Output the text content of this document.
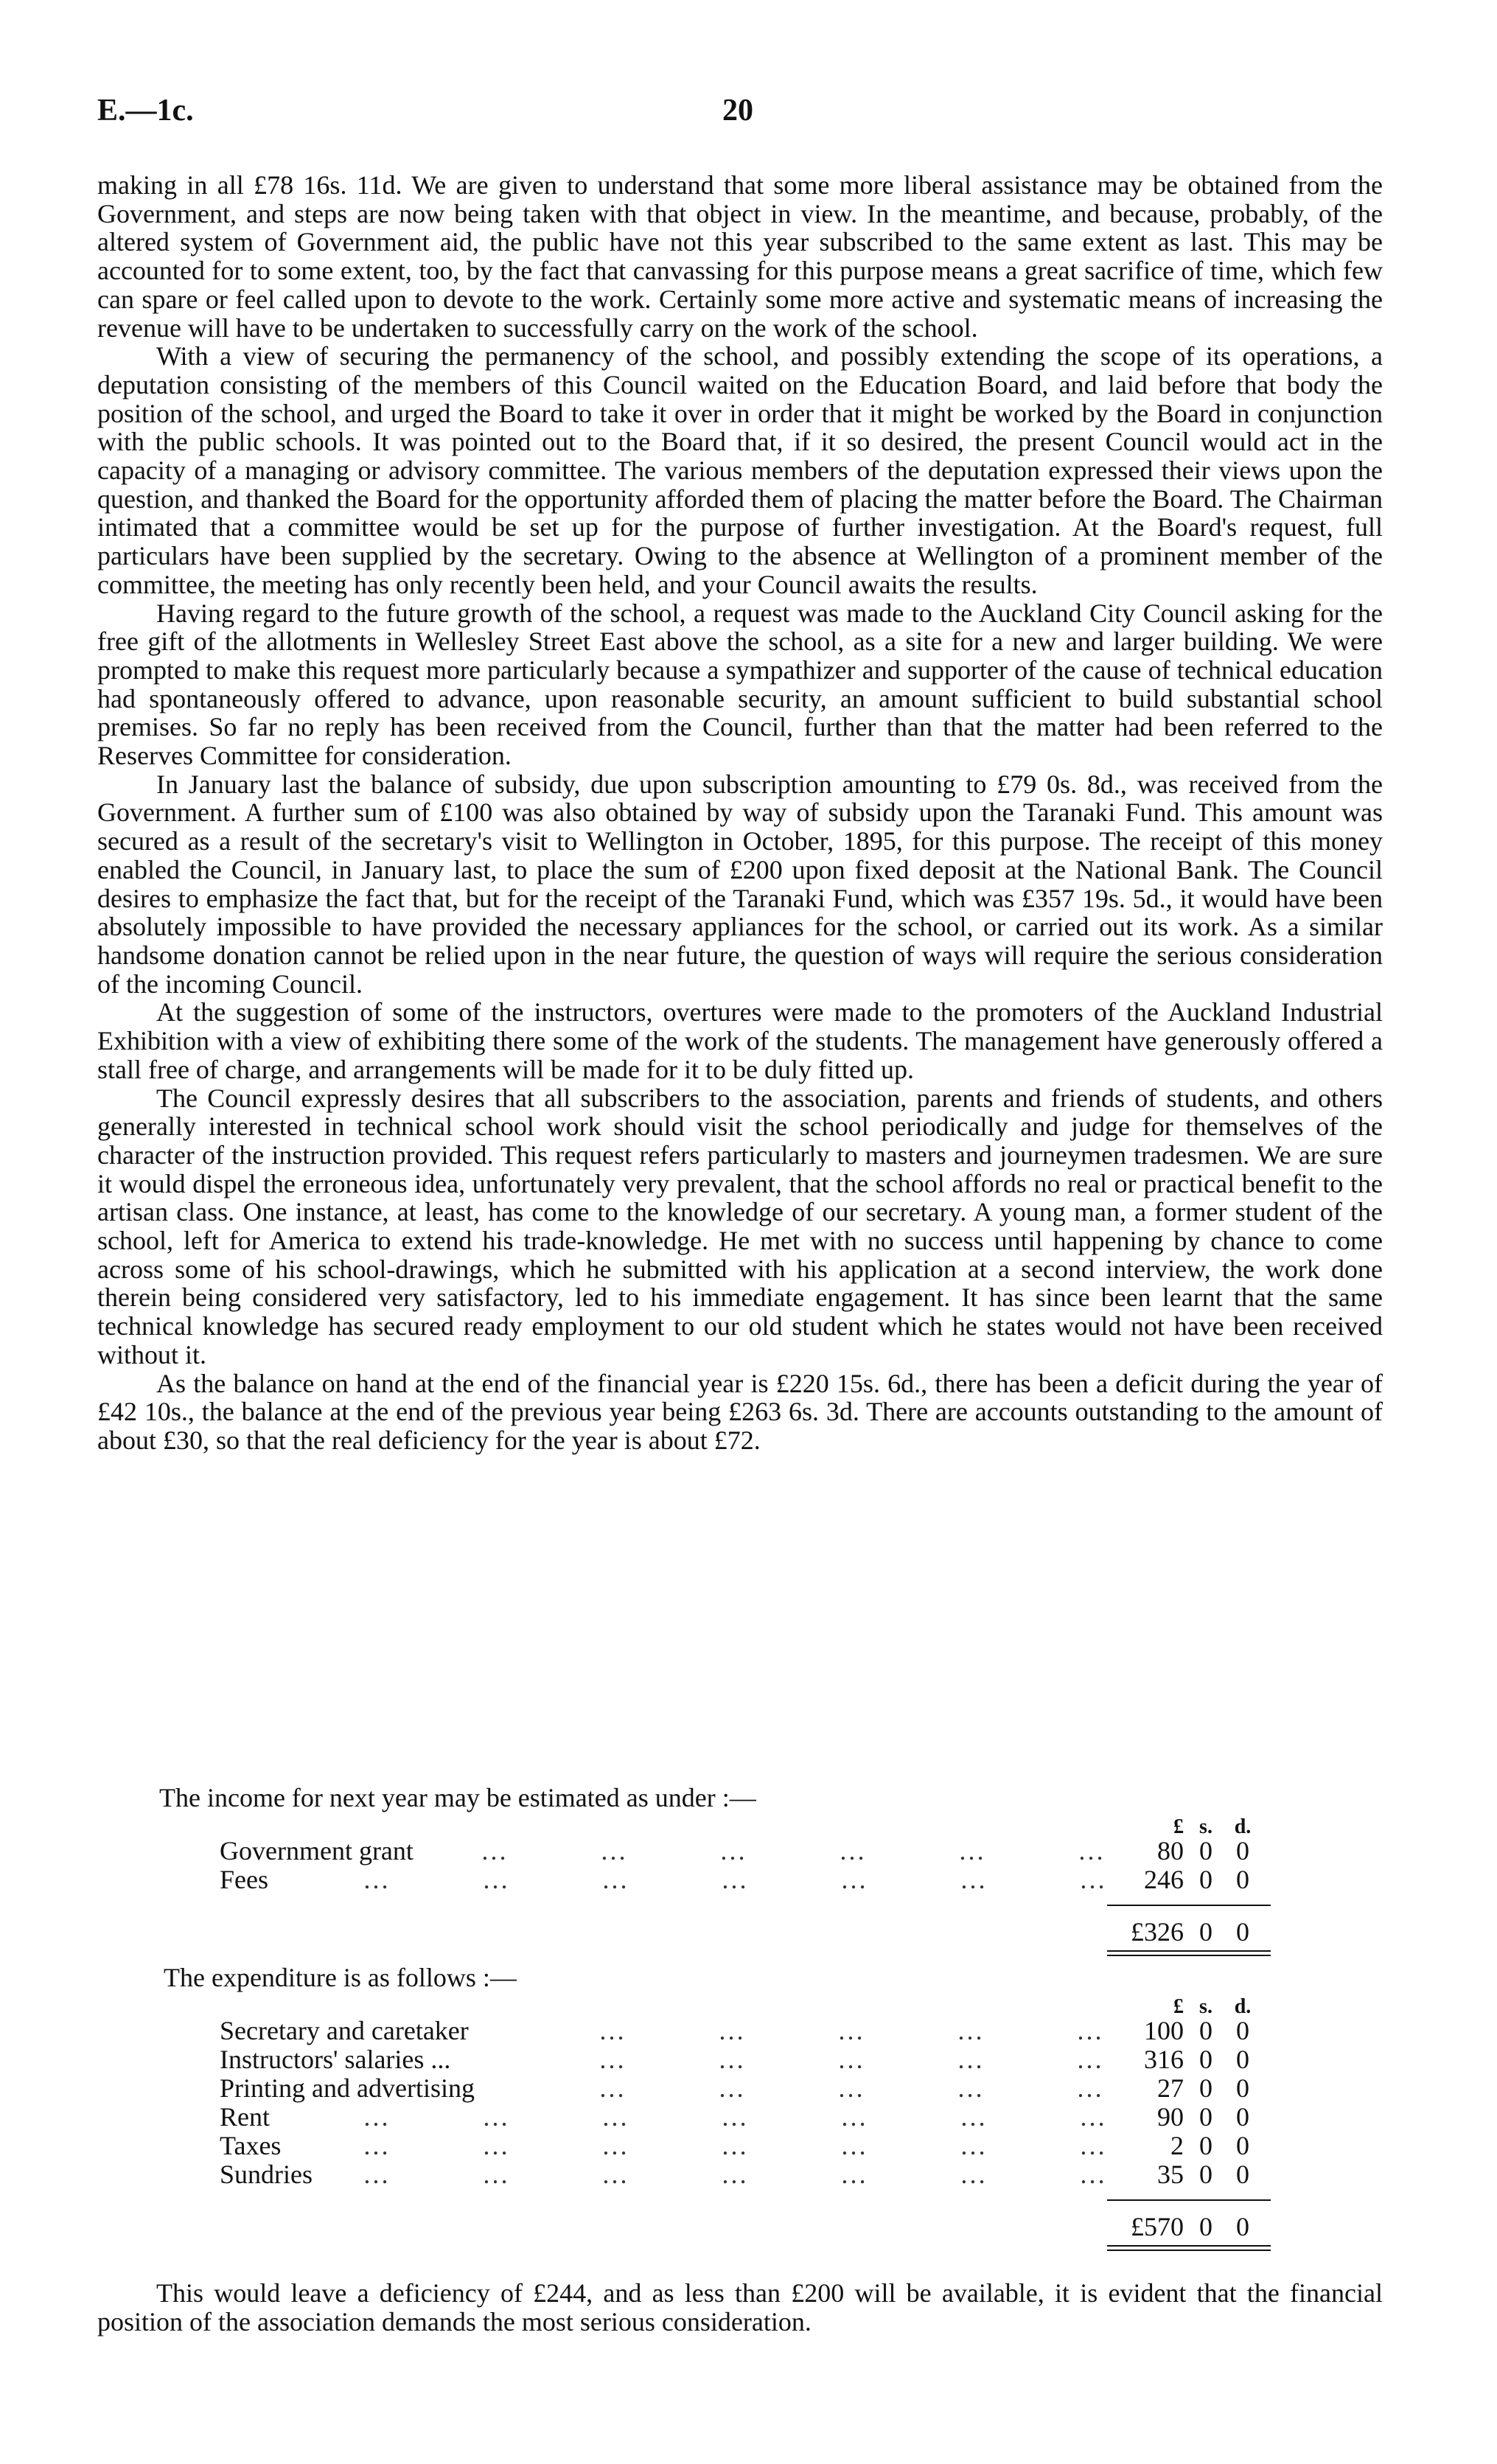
E.—1c.	20

making in all £78 16s. 11d. We are given to understand that some more liberal assistance may be obtained from the Government, and steps are now being taken with that object in view. In the meantime, and because, probably, of the altered system of Government aid, the public have not this year subscribed to the same extent as last. This may be accounted for to some extent, too, by the fact that canvassing for this purpose means a great sacrifice of time, which few can spare or feel called upon to devote to the work. Certainly some more active and systematic means of increasing the revenue will have to be undertaken to successfully carry on the work of the school.

With a view of securing the permanency of the school, and possibly extending the scope of its operations, a deputation consisting of the members of this Council waited on the Education Board, and laid before that body the position of the school, and urged the Board to take it over in order that it might be worked by the Board in conjunction with the public schools. It was pointed out to the Board that, if it so desired, the present Council would act in the capacity of a managing or advisory committee. The various members of the deputation expressed their views upon the question, and thanked the Board for the opportunity afforded them of placing the matter before the Board. The Chairman intimated that a committee would be set up for the purpose of further investigation. At the Board's request, full particulars have been supplied by the secretary. Owing to the absence at Wellington of a prominent member of the committee, the meeting has only recently been held, and your Council awaits the results.

Having regard to the future growth of the school, a request was made to the Auckland City Council asking for the free gift of the allotments in Wellesley Street East above the school, as a site for a new and larger building. We were prompted to make this request more particularly because a sympathizer and supporter of the cause of technical education had spontaneously offered to advance, upon reasonable security, an amount sufficient to build substantial school premises. So far no reply has been received from the Council, further than that the matter had been referred to the Reserves Committee for consideration.

In January last the balance of subsidy, due upon subscription amounting to £79 0s. 8d., was received from the Government. A further sum of £100 was also obtained by way of subsidy upon the Taranaki Fund. This amount was secured as a result of the secretary's visit to Wellington in October, 1895, for this purpose. The receipt of this money enabled the Council, in January last, to place the sum of £200 upon fixed deposit at the National Bank. The Council desires to emphasize the fact that, but for the receipt of the Taranaki Fund, which was £357 19s. 5d., it would have been absolutely impossible to have provided the necessary appliances for the school, or carried out its work. As a similar handsome donation cannot be relied upon in the near future, the question of ways will require the serious consideration of the incoming Council.

At the suggestion of some of the instructors, overtures were made to the promoters of the Auckland Industrial Exhibition with a view of exhibiting there some of the work of the students. The management have generously offered a stall free of charge, and arrangements will be made for it to be duly fitted up.

The Council expressly desires that all subscribers to the association, parents and friends of students, and others generally interested in technical school work should visit the school periodically and judge for themselves of the character of the instruction provided. This request refers particularly to masters and journeymen tradesmen. We are sure it would dispel the erroneous idea, unfortunately very prevalent, that the school affords no real or practical benefit to the artisan class. One instance, at least, has come to the knowledge of our secretary. A young man, a former student of the school, left for America to extend his trade-knowledge. He met with no success until happening by chance to come across some of his school-drawings, which he submitted with his application at a second interview, the work done therein being considered very satisfactory, led to his immediate engagement. It has since been learnt that the same technical knowledge has secured ready employment to our old student which he states would not have been received without it.

As the balance on hand at the end of the financial year is £220 15s. 6d., there has been a deficit during the year of £42 10s., the balance at the end of the previous year being £263 6s. 3d. There are accounts outstanding to the amount of about £30, so that the real deficiency for the year is about £72.

The income for next year may be estimated as under :—
£ s.	d.
Government grant	…        …        …        …        …        …	80 0 0
Fees	…        …        …        …        …        …        …	246 0 0
£326 0 0
The expenditure is as follows :—
£ s.	d.
Secretary and caretaker	…        …        …        …        …	100 0 0
Instructors' salaries ...	…        …        …        …        …	316 0 0
Printing and advertising	…        …        …        …        …	27 0 0
Rent	…        …        …        …        …        …        …	90 0 0
Taxes	…        …        …        …        …        …        …	2 0 0
Sundries …        …        …        …        …        …        …	35 0 0
£570 0 0

This would leave a deficiency of £244, and as less than £200 will be available, it is evident that the financial position of the association demands the most serious consideration.
